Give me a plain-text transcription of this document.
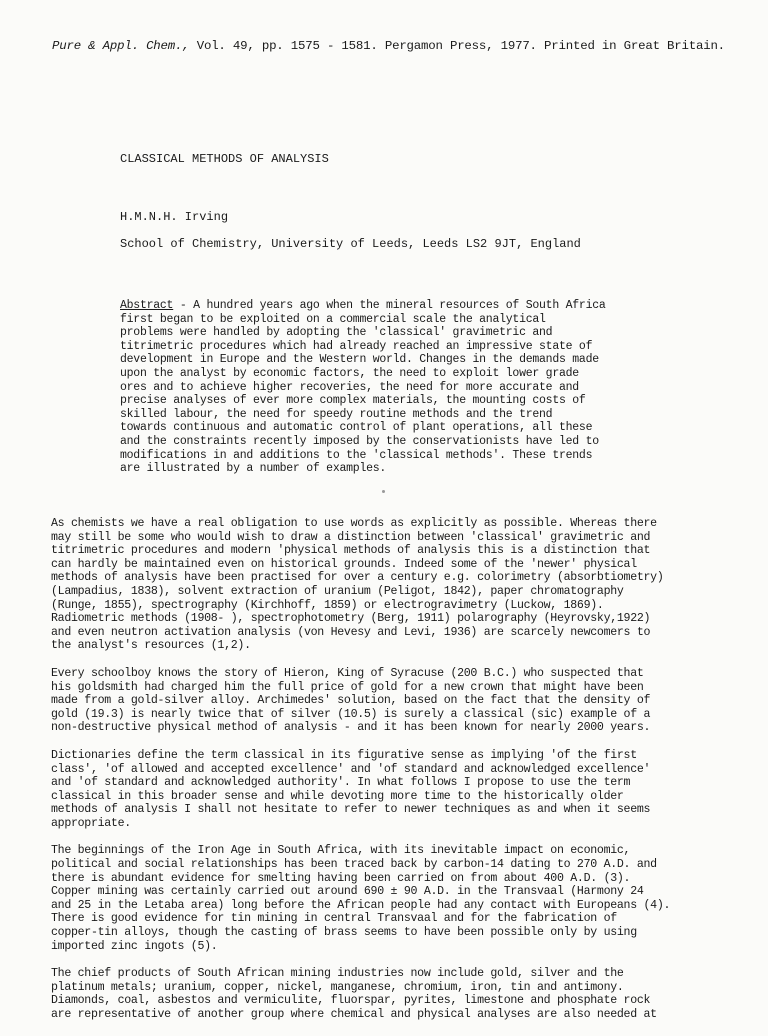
Pure & Appl. Chem., Vol. 49, pp. 1575 - 1581. Pergamon Press, 1977. Printed in Great Britain.
CLASSICAL METHODS OF ANALYSIS
H.M.N.H. Irving
School of Chemistry, University of Leeds, Leeds LS2 9JT, England
Abstract - A hundred years ago when the mineral resources of South Africa
first began to be exploited on a commercial scale the analytical
problems were handled by adopting the 'classical' gravimetric and
titrimetric procedures which had already reached an impressive state of
development in Europe and the Western world. Changes in the demands made
upon the analyst by economic factors, the need to exploit lower grade
ores and to achieve higher recoveries, the need for more accurate and
precise analyses of ever more complex materials, the mounting costs of
skilled labour, the need for speedy routine methods and the trend
towards continuous and automatic control of plant operations, all these
and the constraints recently imposed by the conservationists have led to
modifications in and additions to the 'classical methods'. These trends
are illustrated by a number of examples.
As chemists we have a real obligation to use words as explicitly as possible. Whereas there
may still be some who would wish to draw a distinction between 'classical' gravimetric and
titrimetric procedures and modern 'physical methods of analysis this is a distinction that
can hardly be maintained even on historical grounds. Indeed some of the 'newer' physical
methods of analysis have been practised for over a century e.g. colorimetry (absorbtiometry)
(Lampadius, 1838), solvent extraction of uranium (Peligot, 1842), paper chromatography
(Runge, 1855), spectrography (Kirchhoff, 1859) or electrogravimetry (Luckow, 1869).
Radiometric methods (1908- ), spectrophotometry (Berg, 1911) polarography (Heyrovsky,1922)
and even neutron activation analysis (von Hevesy and Levi, 1936) are scarcely newcomers to
the analyst's resources (1,2).
Every schoolboy knows the story of Hieron, King of Syracuse (200 B.C.) who suspected that
his goldsmith had charged him the full price of gold for a new crown that might have been
made from a gold-silver alloy. Archimedes' solution, based on the fact that the density of
gold (19.3) is nearly twice that of silver (10.5) is surely a classical (sic) example of a
non-destructive physical method of analysis - and it has been known for nearly 2000 years.
Dictionaries define the term classical in its figurative sense as implying 'of the first
class', 'of allowed and accepted excellence' and 'of standard and acknowledged excellence'
and 'of standard and acknowledged authority'. In what follows I propose to use the term
classical in this broader sense and while devoting more time to the historically older
methods of analysis I shall not hesitate to refer to newer techniques as and when it seems
appropriate.
The beginnings of the Iron Age in South Africa, with its inevitable impact on economic,
political and social relationships has been traced back by carbon-14 dating to 270 A.D. and
there is abundant evidence for smelting having been carried on from about 400 A.D. (3).
Copper mining was certainly carried out around 690 ± 90 A.D. in the Transvaal (Harmony 24
and 25 in the Letaba area) long before the African people had any contact with Europeans (4).
There is good evidence for tin mining in central Transvaal and for the fabrication of
copper-tin alloys, though the casting of brass seems to have been possible only by using
imported zinc ingots (5).
The chief products of South African mining industries now include gold, silver and the
platinum metals; uranium, copper, nickel, manganese, chromium, iron, tin and antimony.
Diamonds, coal, asbestos and vermiculite, fluorspar, pyrites, limestone and phosphate rock
are representative of another group where chemical and physical analyses are also needed at
